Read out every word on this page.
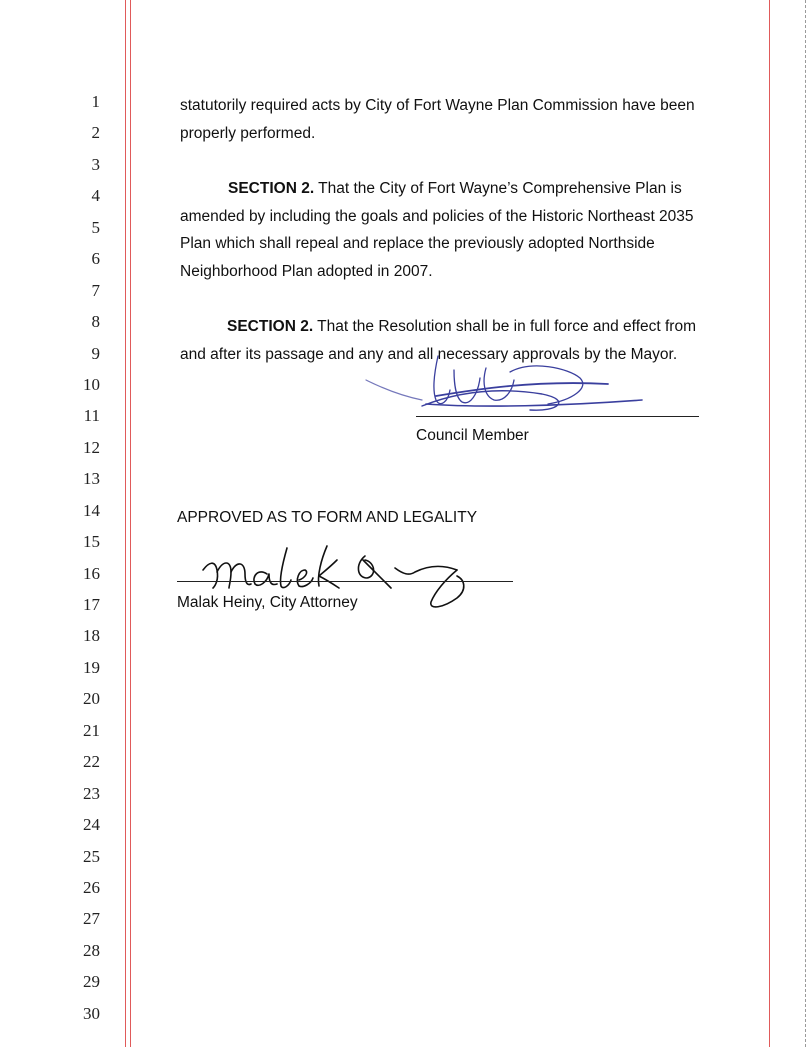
1
2
3
4
5
6
7
8
9
10
11
12
13
14
15
16
17
18
19
20
21
22
23
24
25
26
27
28
29
30

statutorily required acts by City of Fort Wayne Plan Commission have been properly performed.

SECTION 2. That the City of Fort Wayne’s Comprehensive Plan is amended by including the goals and policies of the Historic Northeast 2035 Plan which shall repeal and replace the previously adopted Northside Neighborhood Plan adopted in 2007.

SECTION 2. That the Resolution shall be in full force and effect from and after its passage and any and all necessary approvals by the Mayor.

Council Member

APPROVED AS TO FORM AND LEGALITY

Malak Heiny, City Attorney
